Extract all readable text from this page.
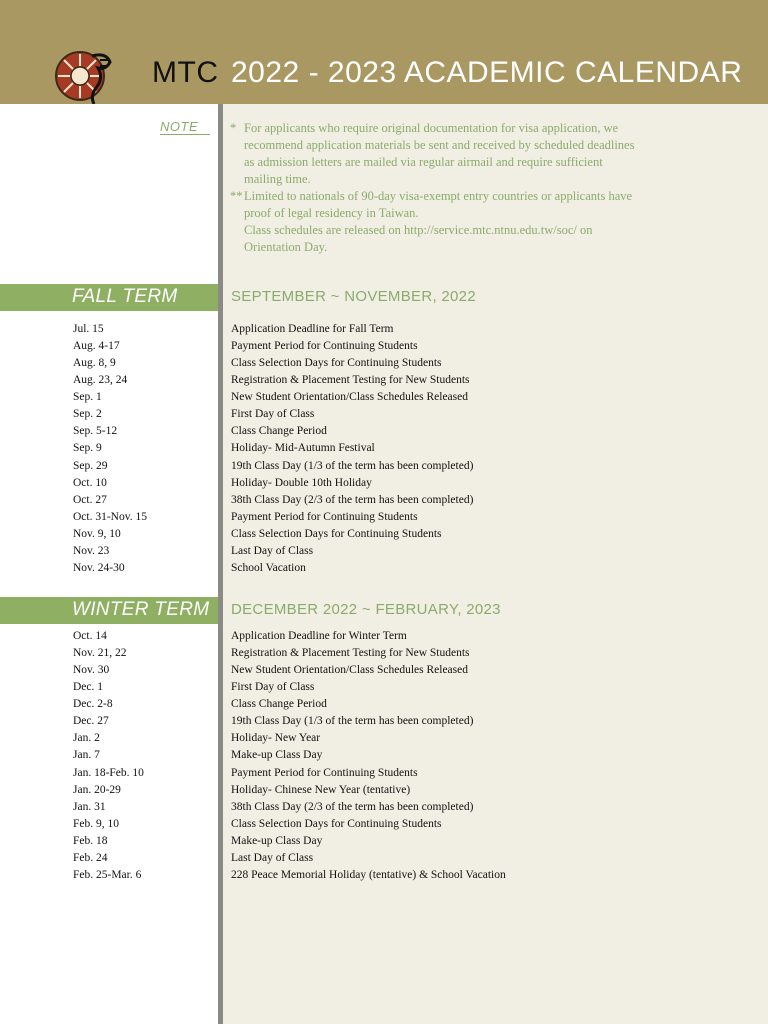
MTC 2022 - 2023 ACADEMIC CALENDAR
NOTE	* For applicants who require original documentation for visa application, we
recommend application materials be sent and received by scheduled deadlines
as admission letters are mailed via regular airmail and require sufficient
mailing time.
** Limited to nationals of 90-day visa-exempt entry countries or applicants have
proof of legal residency in Taiwan.
Class schedules are released on http://service.mtc.ntnu.edu.tw/soc/ on
Orientation Day.
FALL TERM	SEPTEMBER ~ NOVEMBER, 2022
Jul. 15	Application Deadline for Fall Term
Aug. 4-17	Payment Period for Continuing Students
Aug. 8, 9	Class Selection Days for Continuing Students
Aug. 23, 24	Registration & Placement Testing for New Students
Sep. 1	New Student Orientation/Class Schedules Released
Sep. 2	First Day of Class
Sep. 5-12	Class Change Period
Sep. 9	Holiday- Mid-Autumn Festival
Sep. 29	19th Class Day (1/3 of the term has been completed)
Oct. 10	Holiday- Double 10th Holiday
Oct. 27	38th Class Day (2/3 of the term has been completed)
Oct. 31-Nov. 15	Payment Period for Continuing Students
Nov. 9, 10	Class Selection Days for Continuing Students
Nov. 23	Last Day of Class
Nov. 24-30	School Vacation
WINTER TERM DECEMBER 2022 ~ FEBRUARY, 2023
Oct. 14	Application Deadline for Winter Term
Nov. 21, 22	Registration & Placement Testing for New Students
Nov. 30	New Student Orientation/Class Schedules Released
Dec. 1	First Day of Class
Dec. 2-8	Class Change Period
Dec. 27	19th Class Day (1/3 of the term has been completed)
Jan. 2	Holiday- New Year
Jan. 7	Make-up Class Day
Jan. 18-Feb. 10	Payment Period for Continuing Students
Jan. 20-29	Holiday- Chinese New Year (tentative)
Jan. 31	38th Class Day (2/3 of the term has been completed)
Feb. 9, 10	Class Selection Days for Continuing Students
Feb. 18	Make-up Class Day
Feb. 24	Last Day of Class
Feb. 25-Mar. 6	228 Peace Memorial Holiday (tentative) & School Vacation
